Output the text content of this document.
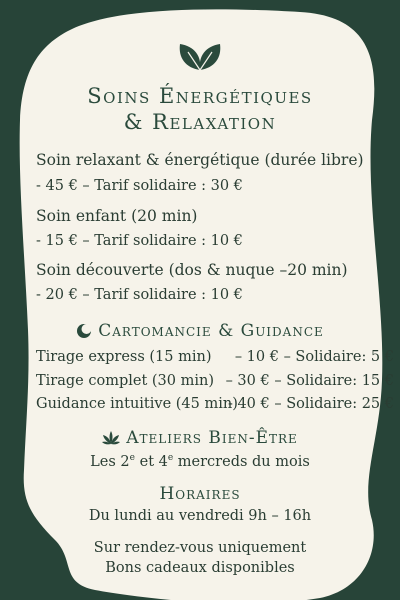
Soins Énergétiques
& Relaxation
Soin relaxant & énergétique (durée libre)
- 45 € – Tarif solidaire : 30 €
Soin enfant (20 min)
- 15 € – Tarif solidaire : 10 €
Soin découverte (dos & nuque –20 min)
- 20 € – Tarif solidaire : 10 €
Cartomancie & Guidance
Tirage express (15 min) – 10 € – Solidaire: 5 €
Tirage complet (30 min) – 30 € – Solidaire: 15 €
Guidance intuitive (45 min)
- 40 € – Solidaire: 25 €
Ateliers Bien-Être
Les 2e et 4e mercreds du mois
Horaires
Du lundi au vendredi 9h – 16h
Sur rendez-vous uniquement
Bons cadeaux disponibles
